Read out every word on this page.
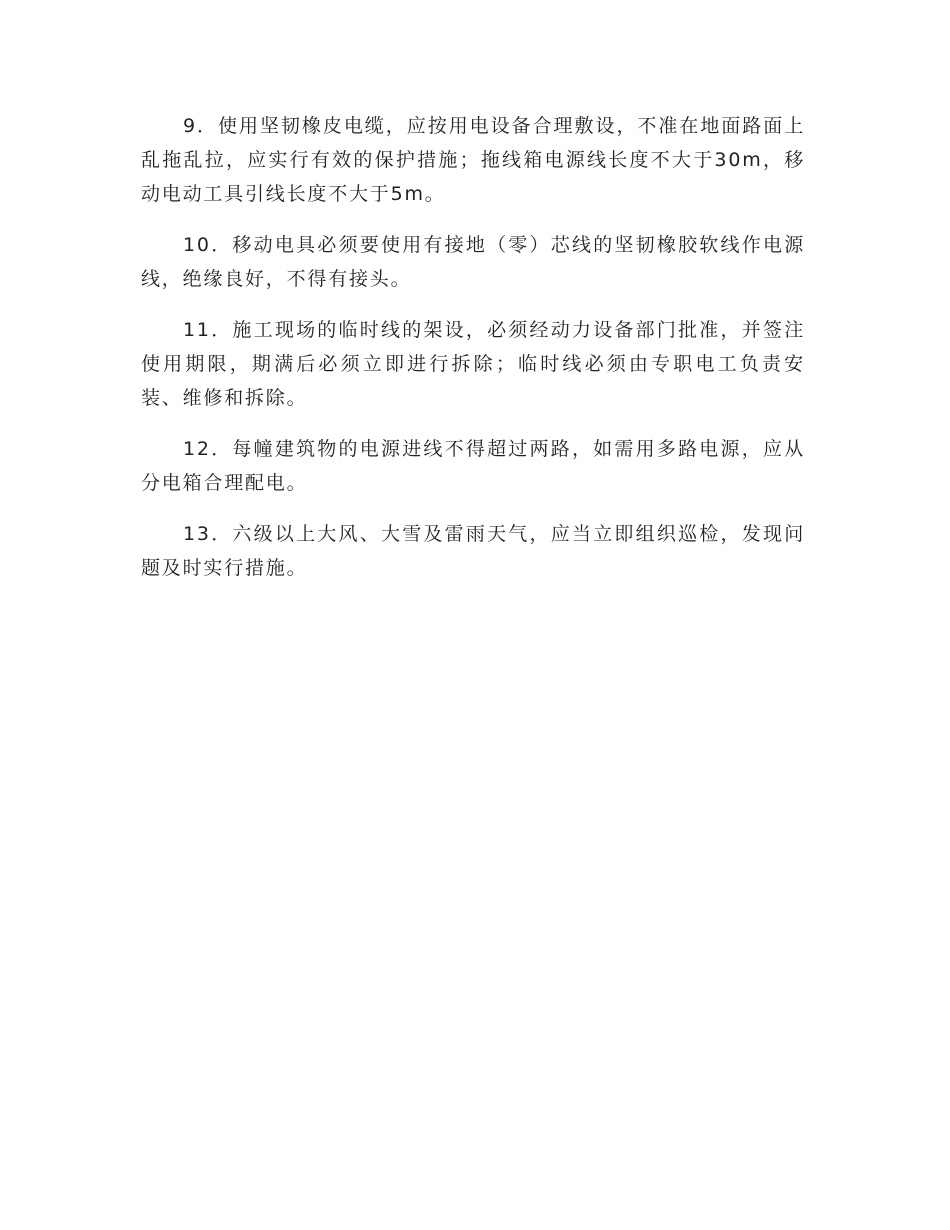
9．使用坚韧橡皮电缆，应按用电设备合理敷设，不准在地面路面上乱拖乱拉，应实行有效的保护措施；拖线箱电源线长度不大于30m，移动电动工具引线长度不大于5m。

10．移动电具必须要使用有接地（零）芯线的坚韧橡胶软线作电源线，绝缘良好，不得有接头。

11．施工现场的临时线的架设，必须经动力设备部门批准，并签注使用期限，期满后必须立即进行拆除；临时线必须由专职电工负责安装、维修和拆除。

12．每幢建筑物的电源进线不得超过两路，如需用多路电源，应从分电箱合理配电。

13．六级以上大风、大雪及雷雨天气，应当立即组织巡检，发现问题及时实行措施。
